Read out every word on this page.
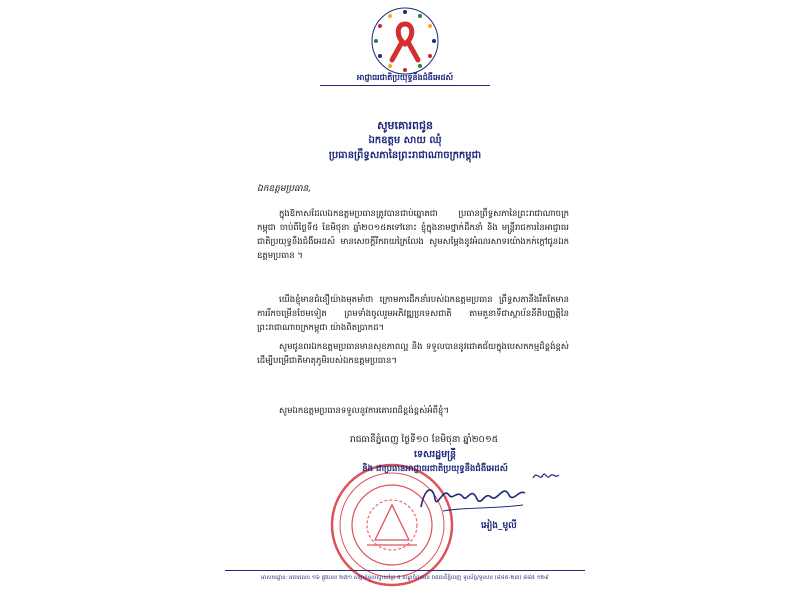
អាជ្ញាធរជាតិប្រយុទ្ធនឹងជំងឺអេដស៍
សូមគោរពជូន
ឯកឧត្តម សាយ ឈុំ
ប្រធានព្រឹទ្ធសភានៃព្រះរាជាណាចក្រកម្ពុជា
ឯកឧត្តមប្រធាន,

ក្នុងឱកាសដែលឯកឧត្តមប្រធានត្រូវបានជាប់ឆ្នោតជា ប្រធានព្រឹទ្ធសភានៃព្រះរាជាណាចក្រកម្ពុជា ចាប់ពីថ្ងៃទី៥ ខែមិថុនា ឆ្នាំ២០១៥តទៅនោះ ខ្ញុំក្នុងនាមថ្នាក់ដឹកនាំ និង មន្ត្រីរាជការនៃអាជ្ញាធរជាតិប្រយុទ្ធនឹងជំងឺអេដស៍ មានសេចក្តីរីករាយក្រៃលែង សូមសម្តែងនូវអំណរសាទរយ៉ាងកក់ក្តៅជូនឯកឧត្តមប្រធាន ។

យើងខ្ញុំមានជំនឿយ៉ាងមុតមាំថា ក្រោមការដឹកនាំរបស់ឯកឧត្តមប្រធាន ព្រឹទ្ធសភានឹងរឹតតែមានការរីកចម្រើនថែមទៀត ព្រមទាំងចូលរួមអភិវឌ្ឍប្រទេសជាតិ តាមតួនាទីជាស្ថាប័ននីតិបញ្ញត្តិនៃព្រះរាជាណាចក្រកម្ពុជា យ៉ាងពិតប្រាកដ។

សូមជូនពរឯកឧត្តមប្រធានមានសុខភាពល្អ និង ទទួលបាននូវជោគជ័យក្នុងបេសកកម្មដ៏ខ្ពង់ខ្ពស់ដើម្បីបម្រើជាតិមាតុភូមិរបស់ឯកឧត្តមប្រធាន។

សូមឯកឧត្តមប្រធានទទួលនូវការគោរពដ៏ខ្ពង់ខ្ពស់អំពីខ្ញុំ។

រាជធានីភ្នំពេញ ថ្ងៃទី១០ ខែមិថុនា ឆ្នាំ២០១៥
ទេសរដ្ឋមន្ត្រី
និង ជាប្រធានអាជ្ញាធរជាតិប្រយុទ្ធនឹងជំងឺអេដស៍
អៀង_មូលី
អាសយដ្ឋាន: អគារលេខ ១៦ ផ្លូវលេខ ២៧១ សង្កាត់ទួលស្វាយព្រៃ II ខណ្ឌចំការមន រាជធានីភ្នំពេញ ទូរស័ព្ទ/ទូរសារ (៨៥៥-២៣) ៨៨៥ ១២៩
